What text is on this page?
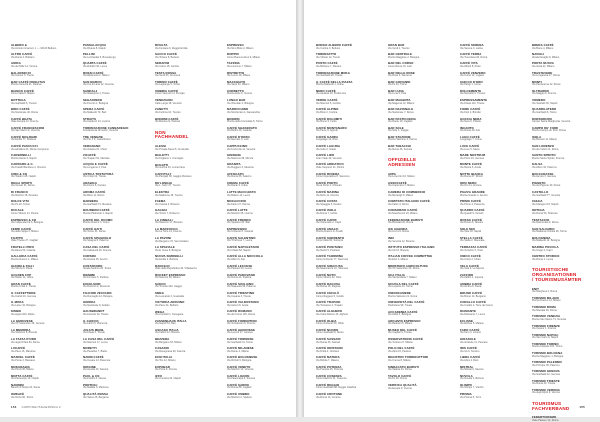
ALBERO &
Via Antonio Gramsci, 1 — 32100 Belluno
ALTRO CAFFÈ
Via Roma 2, Bolzano
AMICA
Via dei Mille 14, Verona
BALANSIN DI
Via Cavour 3, Trento
BAR CAFFÈ FIDELITAS
Piazza Venezia 21, Padova
BIANCO CAFFÈ
Corso Italia 8, Milano
BOTTEGA
Via Garibaldi 5, Treviso
BRIO CAFFÈ
Via Nazionale 40, Roma
CAFFÈ BEATA
Viale Europa 12, Firenze
CAFFÈ FRANCESCONI
Via San Marco 9, Venezia
CAFFÈ MOLINARI
Via Emilia 77, Modena
CAFFÈ PASCUCCI
Via Adriatica 20, Monte Cerignone
CARBONELLI
Piazza Dante 6, Napoli
CARRARO & C.
Via Fratelli Bandiera 4, Vicenza
CIRO & CO
Via Toledo 115, Napoli
DEGLI SPIRITI
Via Veneto 31, Roma
DI FRANCO
Via Mazzini 18, Pescara
DOLCE VITA
Via Po 22, Torino
DUCALE
Corso Vittorio 14, Parma
ESPRESSO & CO
Via Indipendenza 6, Bologna
FERRI CAFFÈ
Via della Spiga 3, Milano
FILIPPO
Viale Trieste 27, Cagliari
FRATELLI PIRO
Via Etnea 50, Catania
GALLERIA CAFFÈ
Piazza Duomo 1, Milano
GIANNI & FIGLI
Via Sforza 9, Pavia
GOLDEN CUP
Via Manin 11, Udine
GRAN CAFFÈ
Piazza Unità 4, Trieste
IL CAFFETTIERE
Via Cairoli 19, Genova
IL MOKA
Via Lame 32, Bologna
KIMBO
Via Appia 200, Melito
LA GENOVESE
Via XX Settembre 43, Genova
LA MEMORIA
Via Solferino 8, Brescia
LA TAZZA D'ORO
Via degli Orfani 84, Roma
LUCAFFÈ
Via Pace 16, Mantova
MANUEL CAFFÈ
Via Ponte 2, Bassano
MOKARABIA
Via Pirelli 45, Milano
MOTTA CAFFÈ
Via Partenope 10, Napoli
NANNINI
Banchi di Sopra 24, Siena
OMKAFÈ
Via Nizza 60, Torino
PASSALACQUA
Via Riviera 8, Napoli
PELLINI
Via Lombardia 5, Bussolengo
QUARTA CAFFÈ
Via Rubichi 30, Lecce
ROSSI CAFFÈ
Via Ripamonti 2, Milano
SAN MARCO
Via Col di Lana 12, Venezia
SANDALJ
Via Malaspina 1, Trieste
SEGAFREDO
Via Puccini 1, Bologna
SPERA CAFFÈ
Via Matteotti 70, Bari
STRAITS
Via Carducci 13, Livorno
TORREFAZIONE CANNAREGIO
Fondamenta Ormesini, Venezia
TRE VENEZIE
Via Pio X 9, Castelfranco
VERGNANO
Via Oslavia 15, Chieri
ZICAFFÈ
Via Trapani 52, Marsala
ACQUA E CAFFÈ
Via Lungarno 3, Pisa
ANTICA TOSTATURA
Via Crispi 22, Trieste
ARABICA
Via Fiume 5, Ferrara
AROMA CAFFÈ
Via Bixio 11, Rimini
BARBERA
Via Garibaldi 74, Messina
BOURBON CAFFÈ
Piazza Plebiscito 1, Napoli
CAFFÈ DEL DUOMO
Piazza Duomo 3, Como
CAFFÈ HAITI
Via Torino 41, Roma
CAFFÈ SPAGNOLO
Via Spagna 8, Palermo
CASA DEL CAFFÈ
Via Calzaiuoli 29, Firenze
CORSINI
Via Aretina 15, Arezzo
COSTADORO
Strada Settimo 26, Torino
DIEMME
Via Fornace 5, Padova
EXCELSIOR
Via Rosmini 2, Rovereto
FILICORI ZECCHINI
Via Roncaglio 12, Bologna
GIMOKA
Via Nazionale 8, Andalo
HAUSBRANDT
Via Foscolo 20, Trieste
IL CHICCO
Via Farini 6, Piacenza
JULIUS MEINL
Via Flavia 3, Trieste
LA CASA DEL CAFFÈ
Via Marconi 17, Lucca
MORETTI
Via Paradiso 7, Biella
NANNI CAFFÈ
Via Cesare 12, Ravenna
ORIGINE
Via Aurelia 40, Savona
PAUL & CO
Via Frattini 3, Varese
PORTIOLI
Via Matilde 9, Mantova
QUALITÀ ROSSA
Via Tasso 25, Bergamo
RIVALTA
Via Fontana 6, Reggio Emilia
SACCO CAFFÈ
Via Tiziano 8, Belluno
SERAFINI
Via Carso 15, Gorizia
TESTA ROSSA
Via Verdi 33, Cremona
TORINO CAFFÈ
Via Lagrange 5, Torino
UMBRIA CAFFÈ
Corso Vannucci 4, Perugia
VENEZIANO
Calle Larga 18, Venezia
ZANETTI
Via Feltrina 16, Treviso
BONOMI CAFFÈ
Via Brenta 21, Padova
NON
FACHHANDEL
ALESSI
Via Privata Alessi 6, Crusinallo
BIALETTI
Via Fogliano 1, Coccaglio
BUGATTI
Via Gorizia 33, Lumezzane
CAFFITALY
Via Panigali 38, Gaggio Montano
DE'LONGHI
Via L. Seitz 47, Treviso
ELEKTRA
Via Madonna 18, Treviso
FAEMA
Via Casina 4, Binasco
GAGGIA
Via Torino 7, Robecco
LA CIMBALI
Via Manzoni 17, Binasco
LA MARZOCCO
Via La Torre 14, Firenze
LA PAVONI
Via Bergamo 70, San Giuliano
LA SPAZIALE
Via E. Duse 8, Bologna
NUOVA SIMONELLI
Via Emilia 2, Belforte
RANCILIO
Viale della Repubblica 40, Villastanza
ROCKET ESPRESSO
Via Marconi 59, Milano
SAECO
Via Torretta 240, Gaggio
SMEG
Via Leonardo 4, Guastalla
VICTORIA ARDUINO
Via Pace 24, Belforte
WEGA
Via Condotti 1, Susegana
ZASSENHAUS ITALIA
Via Napoli 51, Bari
ASCASO ITALIA
Via Fabbri 13, Brescia
BEZZERA
Via Bergamo 63, Milano
CASADIO
Via Ravegnana 29, Faenza
ECM ITALIA
Via Tito 12, Milano
EXPOBAR
Via Porta 9, Firenze
IZZO
Via Cumana 44, Napoli
ESPRESSO
Via Nino Bixio 2, Milano
DOPPIO
Corso Buenos Aires 9, Milano
TAZZINA
Via Lanzone 7, Milano
RISTRETTO
Via Lecco 18, Milano
MACCHIATO
Via Sarpi 40, Milano
CORRETTO
Piazza Erbe 6, Verona
LUNGO BAR
Via Oberdan 2, Bologna
MAROCCHINO
Via Monferrato 4, Alessandria
BICERIN
Piazza della Consolata 5, Torino
CAFFÈ SHAKERATO
Via Bellini 19, Catania
CAFFÈ D'ORZO
Via Mercato 3, Lodi
CAPPUCCINO
Via Frezzeria 11, Venezia
GINSENG
Via Manzoni 28, Monza
GRANITA
Via Ruggero 3, Messina
AFFOGATO
Via Roma 66, Salerno
CREMA CAFFÈ
Via Dante 9, Udine
LATTE MACCHIATO
Via Milano 14, Lecco
MOCACCINO
Via Farini 27, Parma
CAFFÈ LATTE
Via Mazzini 45, Livorno
CAFFÈ FREDDO
Via Sparano 20, Bari
ESPRESSINO
Via Umberto 8, Caserta
CAFFÈ SALENTINO
Via Trinchese 7, Lecce
CAFFÈ NAPOLETANO
Via Chiaia 52, Napoli
CAFFÈ ALLA NOCCIOLA
Via Alfieri 3, Asti
CAFFÈ LECCESE
Via Palmieri 16, Lecce
CAFFÈ PADOVANO
Via Roma 24, Padova
CAFFÈ SICILIANO
Via Maqueda 99, Palermo
CAFFÈ TRIESTINO
Via Cavana 3, Trieste
CAFFÈ VALDOSTANO
Via Aubert 8, Aosta
CAFFÈ ROMANO
Via del Corso 120, Roma
CAFFÈ FIORENTINO
Via Tornabuoni 5, Firenze
CAFFÈ GENOVESE
Via Luccoli 17, Genova
CAFFÈ TORINESE
Via Garibaldi 31, Torino
CAFFÈ MILANESE
Via Dante 4, Milano
CAFFÈ BOLOGNESE
Via Rizzoli 9, Bologna
CAFFÈ VENETO
Via Mazzini 12, Vicenza
CAFFÈ LIGURE
Via Paleocapa 6, Savona
CAFFÈ SARDO
Via Roma 88, Cagliari
CAFFÈ UMBRO
Via Mazzini 2, Spoleto
154 CUPPING/ITALIENISCH 2
BORGO ALBERO CAFFÈ
Via Cortina 3, Belluno
TORREFATTO
Via Vittorio 12, Trento
PUNTO CAFFÈ
Via Bolzano 7, Merano
TORREFAZIONE MOKA
Via Garibaldi 20, Trieste
IL CAFFÈ DELLA PIAZZA
Piazza Matteotti 1, Udine
NERO CAFFÈ
Via Aquileia 10, Pordenone
VERDE CAFFÈ
Via Marconi 5, Gorizia
CAFFÈ ALPINO
Via Bivio 2, Cortina
CAFFÈ DOLOMITI
Via Bruno 6, Feltre
CAFFÈ MONTANARO
Via Pieve 9, Agordo
CAFFÈ GARDA
Lungolago 14, Riva
CAFFÈ LAGUNA
Via Isola 3, Grado
CAFFÈ LIDO
Gran Viale 40, Venezia
CAFFÈ ADRIATICO
Viale Vespucci 21, Rimini
CAFFÈ RIVIERA
Corso Imperatrice 8, Sanremo
CAFFÈ PORTO
Via al Porto 4, Chiavari
CAFFÈ MARINA
Via Molo 11, Ancona
CAFFÈ COSTA
Via Spiaggia 3, Pesaro
CAFFÈ ISOLA
Via Roma 7, Ischia
CAFFÈ CAPRI
Via Camerelle 2, Capri
CAFFÈ AMALFI
Piazza Duomo 9, Amalfi
CAFFÈ SORRENTO
Corso Italia 60, Sorrento
CAFFÈ POSITANO
Via Mulini 5, Positano
CAFFÈ TAORMINA
Corso Umberto 77, Taormina
CAFFÈ SIRACUSA
Via Maestranza 10, Siracusa
CAFFÈ NOTO
Corso Vittorio 32, Noto
CAFFÈ RAGUSA
Via Roma 18, Ragusa
CAFFÈ CEFALÙ
Corso Ruggero 6, Cefalù
CAFFÈ TRAPANI
Via Torrearsa 4, Trapani
CAFFÈ ALGHERO
Via Carlo Alberto 15, Alghero
CAFFÈ OLBIA
Corso Umberto 50, Olbia
CAFFÈ NUORO
Corso Garibaldi 9, Nuoro
CAFFÈ SASSARI
Via Roma 33, Sassari
CAFFÈ ORISTANO
Via Dritta 2, Oristano
CAFFÈ MATERA
Via Ridola 7, Matera
CAFFÈ POTENZA
Via Pretoria 25, Potenza
CAFFÈ COSENZA
Corso Mazzini 41, Cosenza
CAFFÈ REGGIO
Corso Garibaldi 88, Reggio Calabria
CAFFÈ CROTONE
Via Roma 14, Crotone
GRAN BAR
Via Verdi 4, Treviso
BAR CENTRALE
Piazza Maggiore 2, Bologna
BAR DEL CORSO
Corso Roma 10, Lodi
BAR DELLE ROSE
Via Rose 3, Sanremo
BAR GIOVANNI
Via Po 16, Torino
BAR LUNA
Via Luna 5, Pisa
BAR MAGENTA
Via Magenta 12, Milano
BAR NAZIONALE
Via Nazionale 7, Roma
BAR PASTICCERIA
Via Dante 19, Cagliari
BAR SOLE
Via Sole 1, Foggia
BAR STAZIONE
Piazza Stazione 3, Parma
BAR TABACCHI
Via Roma 45, Ferrara
OFFIZIELLE
ADRESSEN
AIIPA
Via Lorenzini 10, Milano
ASSOCAFFÈ
Via Copernico 3, Milano
CAMERA DI COMMERCIO
Via Meravigli 9, Milano
COMITATO ITALIANO CAFFÈ
Via Fabio 4, Roma
CONSORZIO CAFFÈ
Via Mascheroni 19, Milano
FEDERAZIONE BARISTI
Via Bissolati 20, Roma
ICE AGENZIA
Via Liszt 21, Roma
INEI
Via Venezia 12, Brescia
ISTITUTO ESPRESSO ITALIANO
Via Ciro 8, Brescia
ITALIAN COFFEE COMMITTEE
Via Ezio 3, Milano
MINISTERO AGRICOLTURA
Via XX Settembre 20, Roma
SCA ITALIA
Via Santa Maria 7, Milano
SCUOLA DEL CAFFÈ
Via Lepanto 11, Torino
UNIONCAMERE
Piazza Sallustio 21, Roma
UNIVERSITÀ DEL CAFFÈ
Padriciano 99, Trieste
ACCADEMIA CAFFÈ
Via Aldini 4, Bologna
ARCHIVIO ESPRESSO
Via Beltrami 5, Milano
MUSEO DEL CAFFÈ
Via Cagliari 6, Trieste
OSSERVATORIO CAFFÈ
Via Tortona 27, Milano
POLO DEL CAFFÈ
Via Zara 15, Padova
REGISTRO TORREFATTORI
Via Crema 8, Milano
SINDACATO BARISTI
Via Salaria 44, Roma
TAVOLO CAFFÈ
Via Po 40, Roma
VERIFICA QUALITÀ
Via Europa 9, Verona
CAFFÈ SERENA
Via Serena 3, Latina
CAFFÈ TERRA
Via Tuscolana 60, Roma
CAFFÈ VITA
Via Alberti 8, Prato
CAFFÈ ZENZERO
Via Como 12, Lugano
CHICCO D'ORO
Via Parigi 1, Como
DOLCEMENTE
Via Montello 9, Treviso
ESPRESSAMENTE
Via Flavia 110, Trieste
FIORE CAFFÈ
Via Fiori 2, Brindisi
GOCCIA NERA
Via Nera 6, Pistoia
INCANTO
Via Roma 40, Asti
LAGO CAFFÈ
Lungolago 7, Como
LUCE CAFFÈ
Via Luce 5, Siena
MARE NOSTRUM
Via Porto 16, Genova
MONTE CAFFÈ
Via Monte 3, Aosta
NOTTE BIANCA
Via Roma 27, Rimini
ORO NERO
Via Oro 11, Ancona
PIAZZA GRANDE
Piazza Grande 1, Arezzo
PRIMO CAFFÈ
Via Primo 4, Piacenza
QUADRO CAFFÈ
Via Quadri 9, Vercelli
ROSSO CAFFÈ
Via Rosso 6, Novara
SOLE MIO
Via Sole 18, Napoli
STELLA CAFFÈ
Via Stella 2, Macerata
TERRAZZA CAFFÈ
Via Terrazze 5, Trani
UNICO CAFFÈ
Via Unica 3, Chieti
VELA CAFFÈ
Via Vela 9, La Spezia
ZAFFIRO
Via Zaffiro 1, Imperia
AMBRA CAFFÈ
Via Ambra 8, Pavia
BRUNO CAFFÈ
Via Bruno 14, Bergamo
CORALLO CAFFÈ
Via Corallo 2, Torre del Greco
DIAMANTE
Via Diamante 7, Lecce
ECLISSE
Via Eclisse 5, Matera
FARO CAFFÈ
Via Faro 3, Livorno
GIRASOLE
Via Girasole 11, Pescara
IRIS CAFFÈ
Via Iris 6, Teramo
LIBRA CAFFÈ
Via Libra 4, Rieti
MISTRAL
Via Mistral 9, Savona
NUVOLA
Via Nuvola 2, Belluno
OLIMPO
Via Olimpo 7, Viterbo
PRISMA
Via Prisma 5, Terni
BRERA CAFFÈ
Via Brera 4, Milano
NAVIGLI
Alzaia Naviglio 8, Milano
PORTA NUOVA
Via Gioia 22, Milano
TRASTEVERE
Via Lungaretta 17, Roma
MONTI
Via Panisperna 12, Roma
OLTRARNO
Via Maggio 9, Firenze
VOMERO
Via Scarlatti 30, Napoli
QUADRILATERO
Via Garibaldi 6, Torino
DORSODURO
Campo Santa Margherita, Venezia
CAMPO DE' FIORI
Piazza Campo de' Fiori, Roma
ISOLA
Via Borsieri 11, Milano
SAN LORENZO
Via dei Volsci 21, Roma
SANTO SPIRITO
Piazza Santo Spirito, Firenze
KALSA
Via Alloro 32, Palermo
BOCCADASSE
Via Aurora 3, Genova
PIGNETO
Via del Pigneto 40, Roma
CASTELLO
Via Garibaldi 77, Venezia
CHIAIA
Via Filangieri 15, Napoli
ORTIGIA
Via Roma 50, Siracusa
TESTACCIO
Via Marmorata 9, Roma
SAN SALVARIO
Via Madama Cristina 26, Torino
BOLOGNINA
Via Matteotti 12, Bologna
MARINA PICCOLA
Via Krupp 2, Capri
CENTRO STORICO
Via Roma 1, Lucca
TOURISTISCHE
ORGANISATIONEN
/ TOURISMUSÄMTER
ENIT
Via Marghera 2, Roma
TURISMO MILANO
Piazza Duomo 14, Milano
TURISMO ROMA
Via Marsala 29, Roma
TURISMO VENEZIA
Piazza San Marco 71, Venezia
TURISMO FIRENZE
Via Cavour 1, Firenze
TURISMO NAPOLI
Via San Carlo 9, Napoli
TURISMO TORINO
Piazza Castello 161, Torino
TURISMO BOLOGNA
Piazza Maggiore 1, Bologna
TURISMO PALERMO
Via Principe 35, Palermo
TURISMO GENOVA
Via Garibaldi 12, Genova
TURISMO TRIESTE
Via Roma 20, Trieste
TURISMO VERONA
Via degli Alpini 9, Verona
TOURISMUS
FACHVERBAND
FEDERTURISMO
Viale Pasteur 10, Roma
155
